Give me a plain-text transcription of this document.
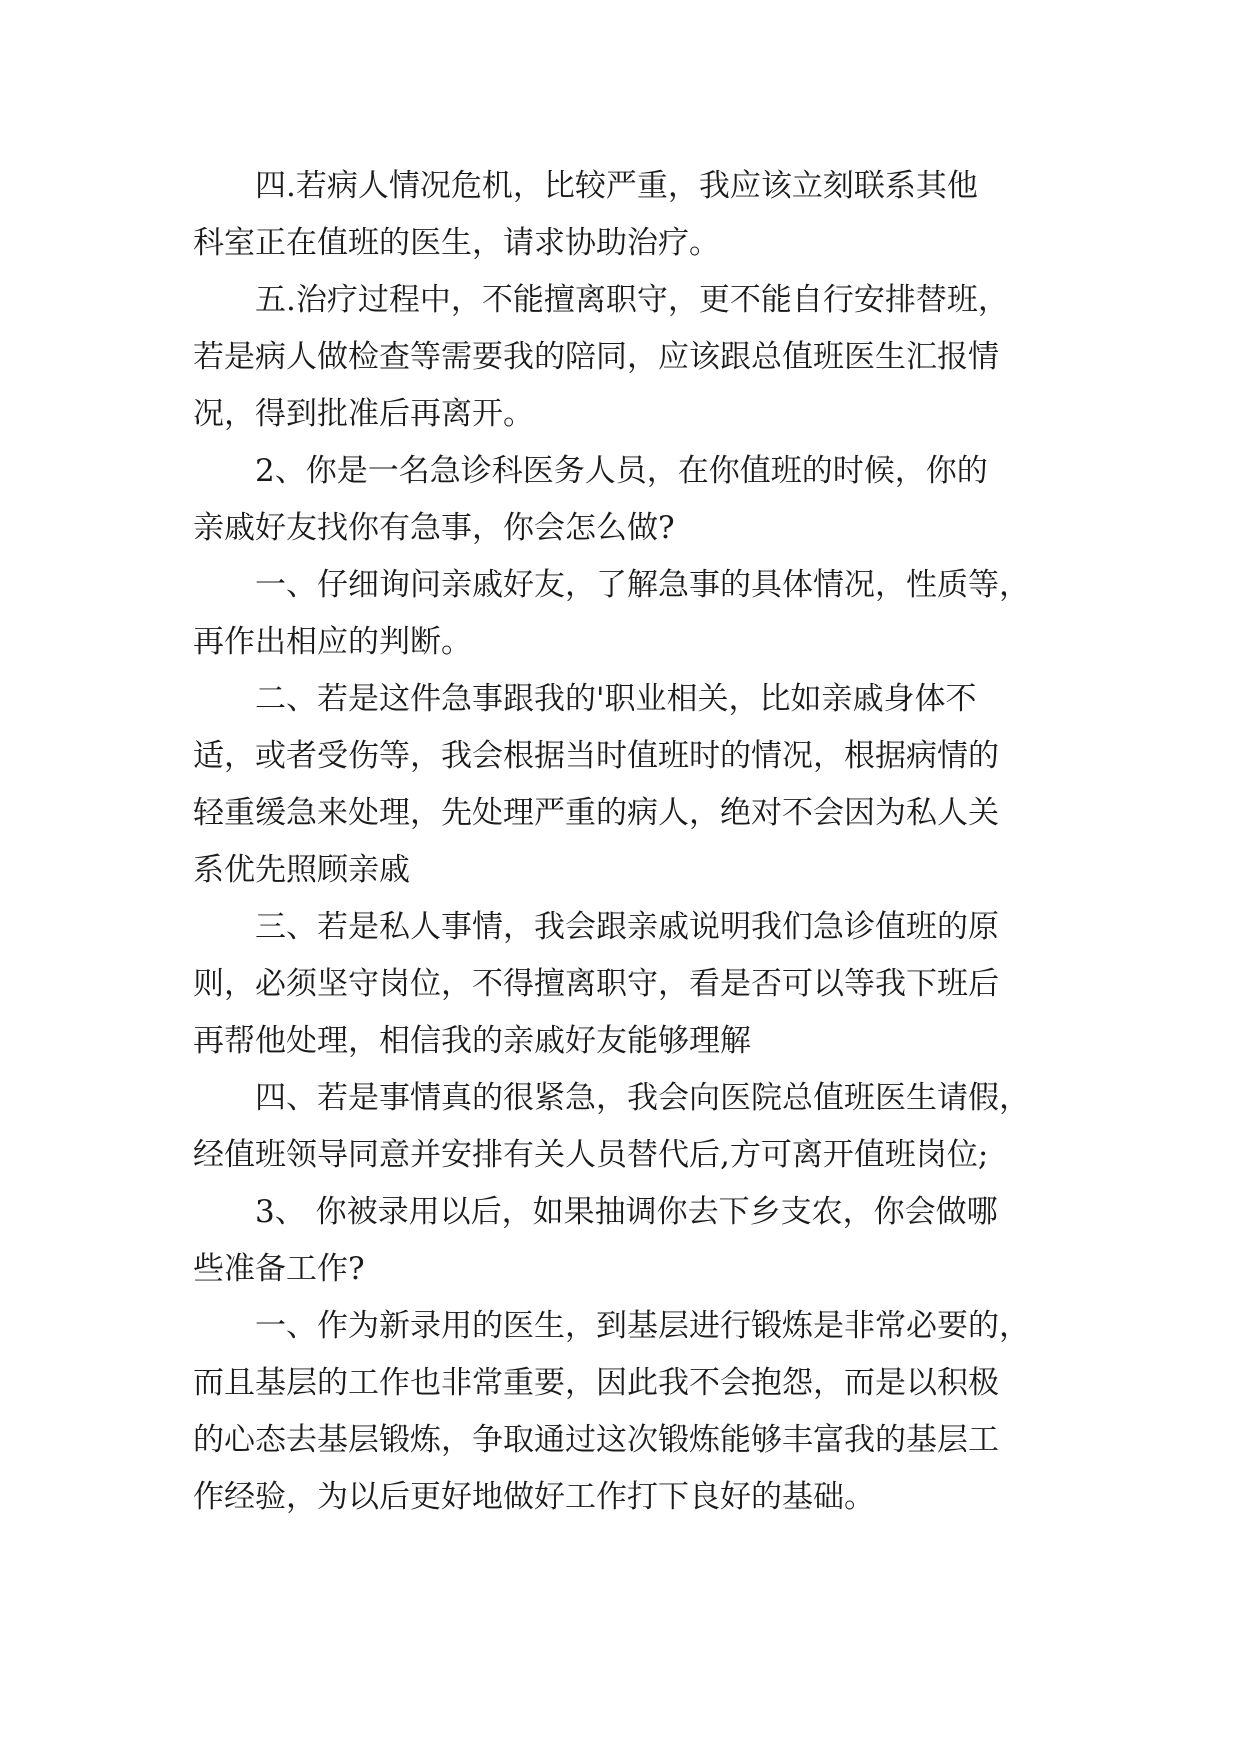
四.若病人情况危机，比较严重，我应该立刻联系其他
科室正在值班的医生，请求协助治疗。
五.治疗过程中，不能擅离职守，更不能自行安排替班，
若是病人做检查等需要我的陪同，应该跟总值班医生汇报情
况，得到批准后再离开。
2、你是一名急诊科医务人员，在你值班的时候，你的
亲戚好友找你有急事，你会怎么做?
一、仔细询问亲戚好友，了解急事的具体情况，性质等，
再作出相应的判断。
二、若是这件急事跟我的'职业相关，比如亲戚身体不
适，或者受伤等，我会根据当时值班时的情况，根据病情的
轻重缓急来处理，先处理严重的病人，绝对不会因为私人关
系优先照顾亲戚
三、若是私人事情，我会跟亲戚说明我们急诊值班的原
则，必须坚守岗位，不得擅离职守，看是否可以等我下班后
再帮他处理，相信我的亲戚好友能够理解
四、若是事情真的很紧急，我会向医院总值班医生请假，
经值班领导同意并安排有关人员替代后,方可离开值班岗位;
3、 你被录用以后，如果抽调你去下乡支农，你会做哪
些准备工作?
一、作为新录用的医生，到基层进行锻炼是非常必要的，
而且基层的工作也非常重要，因此我不会抱怨，而是以积极
的心态去基层锻炼，争取通过这次锻炼能够丰富我的基层工
作经验，为以后更好地做好工作打下良好的基础。
